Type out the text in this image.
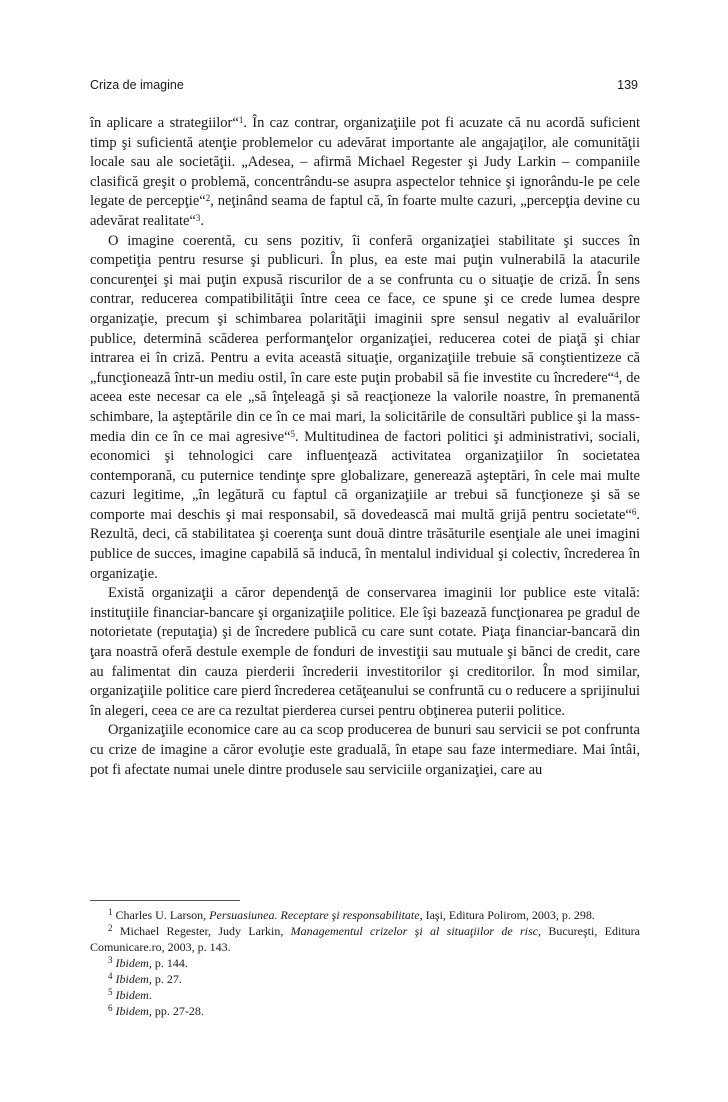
Criza de imagine	139

în aplicare a strategiilor“$^1$. În caz contrar, organizaţiile pot fi acuzate că nu acordă suficient timp şi suficientă atenţie problemelor cu adevărat importante ale angajaţilor, ale comunităţii locale sau ale societăţii. „Adesea, – afirmă Michael Regester şi Judy Larkin – companiile clasifică greşit o problemă, concentrându-se asupra aspectelor tehnice şi ignorându-le pe cele legate de percepţie“$^2$, neţinând seama de faptul că, în foarte multe cazuri, „percepţia devine cu adevărat realitate“$^3$.

O imagine coerentă, cu sens pozitiv, îi conferă organizaţiei stabilitate şi succes în competiţia pentru resurse şi publicuri. În plus, ea este mai puţin vulnerabilă la atacurile concurenţei şi mai puţin expusă riscurilor de a se confrunta cu o situaţie de criză. În sens contrar, reducerea compatibilităţii între ceea ce face, ce spune şi ce crede lumea despre organizaţie, precum şi schimbarea polarităţii imaginii spre sensul negativ al evaluărilor publice, determină scăderea performanţelor organizaţiei, reducerea cotei de piaţă şi chiar intrarea ei în criză. Pentru a evita această situaţie, organizaţiile trebuie să conştientizeze că „funcţionează într-un mediu ostil, în care este puţin probabil să fie investite cu încredere“$^4$, de aceea este necesar ca ele „să înţeleagă şi să reacţioneze la valorile noastre, în premanentă schimbare, la aşteptările din ce în ce mai mari, la solicitările de consultări publice şi la mass-media din ce în ce mai agresive“$^5$. Multitudinea de factori politici şi administrativi, sociali, economici şi tehnologici care influenţează activitatea organizaţiilor în societatea contemporană, cu puternice tendinţe spre globalizare, generează aşteptări, în cele mai multe cazuri legitime, „în legătură cu faptul că organizaţiile ar trebui să funcţioneze şi să se comporte mai deschis şi mai responsabil, să dovedească mai multă grijă pentru societate“$^6$. Rezultă, deci, că stabilitatea şi coerenţa sunt două dintre trăsăturile esenţiale ale unei imagini publice de succes, imagine capabilă să inducă, în mentalul individual şi colectiv, încrederea în organizaţie.

Există organizaţii a căror dependenţă de conservarea imaginii lor publice este vitală: instituţiile financiar-bancare şi organizaţiile politice. Ele îşi bazează funcţionarea pe gradul de notorietate (reputaţia) şi de încredere publică cu care sunt cotate. Piaţa financiar-bancară din ţara noastră oferă destule exemple de fonduri de investiţii sau mutuale şi bănci de credit, care au falimentat din cauza pierderii încrederii investitorilor şi creditorilor. În mod similar, organizaţiile politice care pierd încrederea cetăţeanului se confruntă cu o reducere a sprijinului în alegeri, ceea ce are ca rezultat pierderea cursei pentru obţinerea puterii politice.

Organizaţiile economice care au ca scop producerea de bunuri sau servicii se pot confrunta cu crize de imagine a căror evoluţie este graduală, în etape sau faze intermediare. Mai întâi, pot fi afectate numai unele dintre produsele sau serviciile organizaţiei, care au

$^1$ Charles U. Larson, Persuasiunea. Receptare şi responsabilitate, Iaşi, Editura Polirom, 2003, p. 298.

$^2$ Michael Regester, Judy Larkin, Managementul crizelor şi al situaţiilor de risc, Bucureşti, Editura Comunicare.ro, 2003, p. 143.

$^3$ Ibidem, p. 144.

$^4$ Ibidem, p. 27.

$^5$ Ibidem.

$^6$ Ibidem, pp. 27-28.
